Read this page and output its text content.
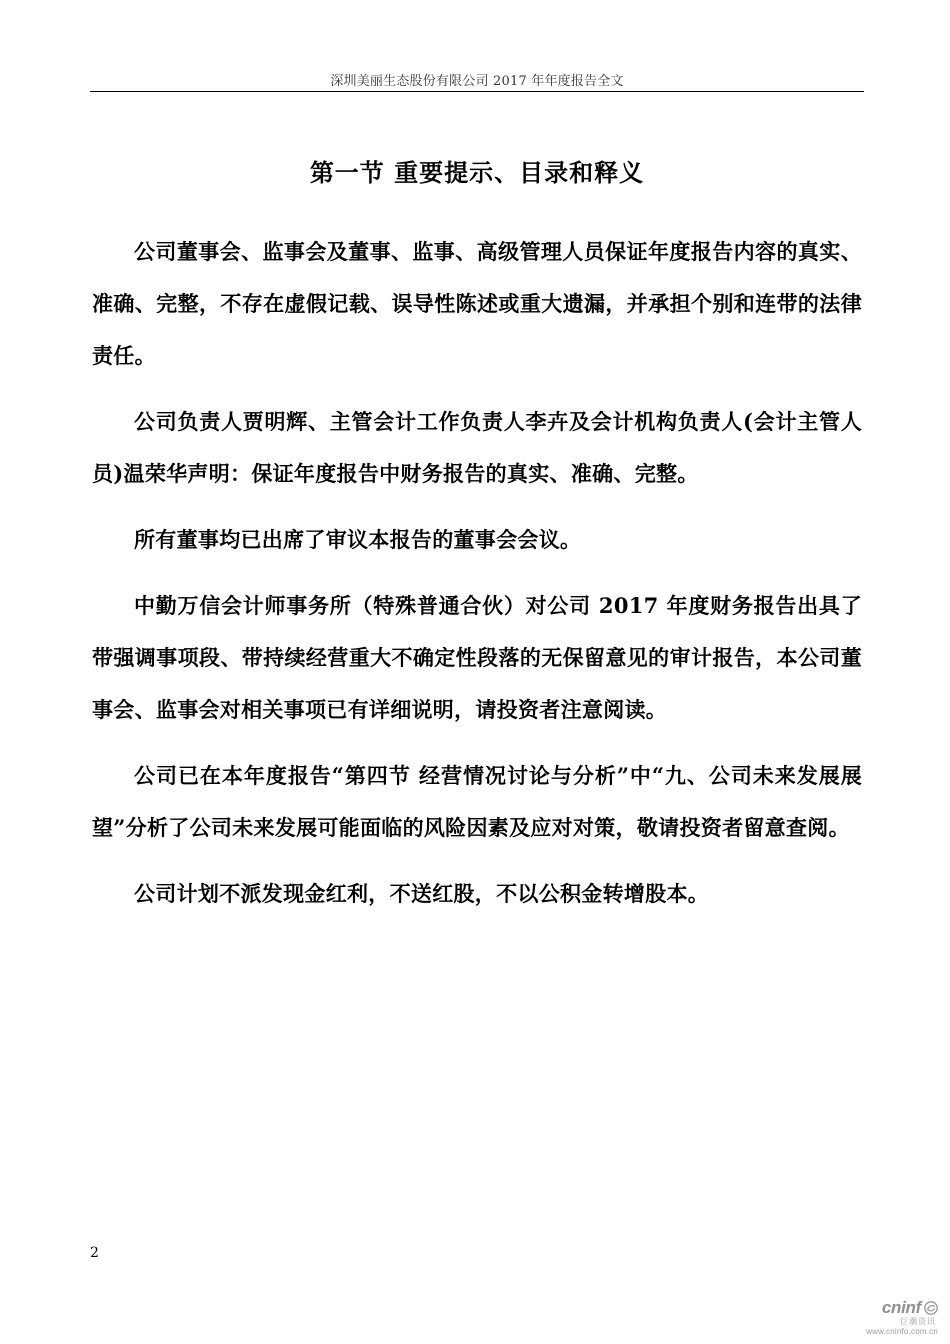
深圳美丽生态股份有限公司 2017 年年度报告全文
第一节 重要提示、目录和释义

公司董事会、监事会及董事、监事、高级管理人员保证年度报告内容的真实、准确、完整，不存在虚假记载、误导性陈述或重大遗漏，并承担个别和连带的法律责任。

公司负责人贾明辉、主管会计工作负责人李卉及会计机构负责人(会计主管人员)温荣华声明：保证年度报告中财务报告的真实、准确、完整。

所有董事均已出席了审议本报告的董事会会议。

中勤万信会计师事务所（特殊普通合伙）对公司 2017 年度财务报告出具了带强调事项段、带持续经营重大不确定性段落的无保留意见的审计报告，本公司董事会、监事会对相关事项已有详细说明，请投资者注意阅读。

公司已在本年度报告“第四节 经营情况讨论与分析”中“九、公司未来发展展望”分析了公司未来发展可能面临的风险因素及应对对策，敬请投资者留意查阅。

公司计划不派发现金红利，不送红股，不以公积金转增股本。

2
cninf
巨潮资讯
www.cninfo.com.cn
